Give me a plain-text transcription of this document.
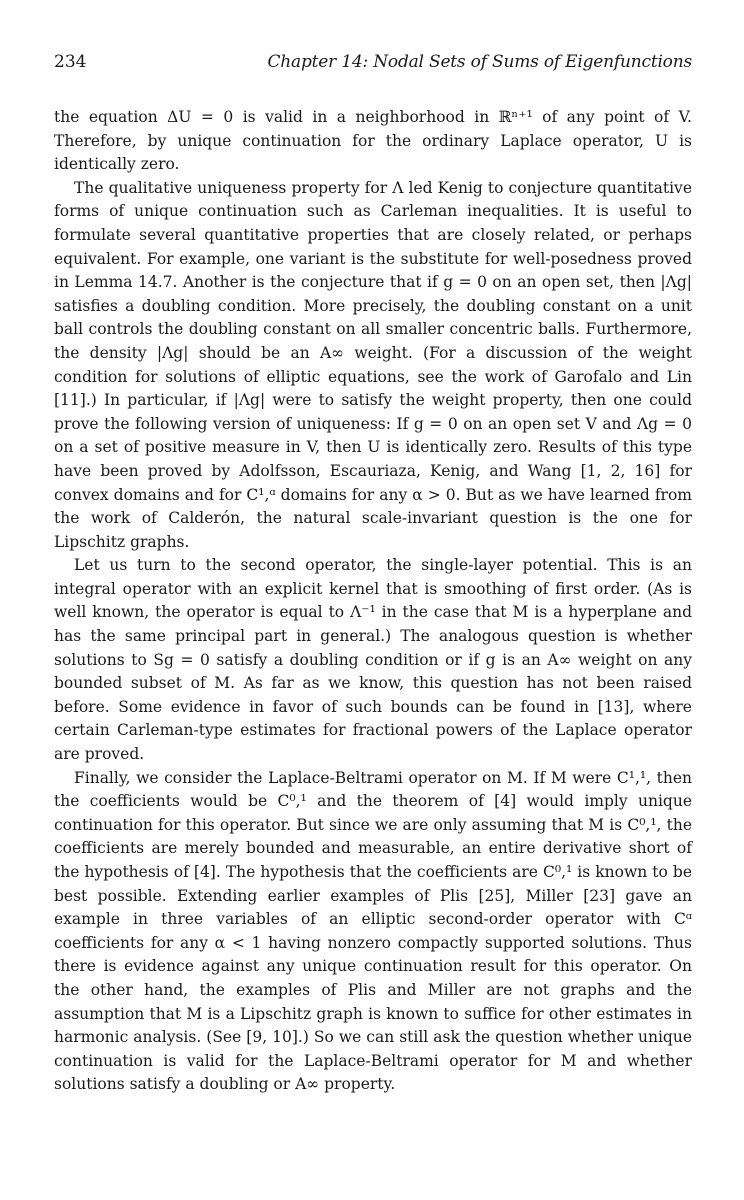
234	Chapter 14: Nodal Sets of Sums of Eigenfunctions

the equation ΔU = 0 is valid in a neighborhood in ℝⁿ⁺¹ of any point of V. Therefore, by unique continuation for the ordinary Laplace operator, U is identically zero.

The qualitative uniqueness property for Λ led Kenig to conjecture quantitative forms of unique continuation such as Carleman inequalities. It is useful to formulate several quantitative properties that are closely related, or perhaps equivalent. For example, one variant is the substitute for well-posedness proved in Lemma 14.7. Another is the conjecture that if g = 0 on an open set, then |Λg| satisfies a doubling condition. More precisely, the doubling constant on a unit ball controls the doubling constant on all smaller concentric balls. Furthermore, the density |Λg| should be an A∞ weight. (For a discussion of the weight condition for solutions of elliptic equations, see the work of Garofalo and Lin [11].) In particular, if |Λg| were to satisfy the weight property, then one could prove the following version of uniqueness: If g = 0 on an open set V and Λg = 0 on a set of positive measure in V, then U is identically zero. Results of this type have been proved by Adolfsson, Escauriaza, Kenig, and Wang [1, 2, 16] for convex domains and for C¹,ᵅ domains for any α > 0. But as we have learned from the work of Calderón, the natural scale-invariant question is the one for Lipschitz graphs.

Let us turn to the second operator, the single-layer potential. This is an integral operator with an explicit kernel that is smoothing of first order. (As is well known, the operator is equal to Λ⁻¹ in the case that M is a hyperplane and has the same principal part in general.) The analogous question is whether solutions to Sg = 0 satisfy a doubling condition or if g is an A∞ weight on any bounded subset of M. As far as we know, this question has not been raised before. Some evidence in favor of such bounds can be found in [13], where certain Carleman-type estimates for fractional powers of the Laplace operator are proved.

Finally, we consider the Laplace-Beltrami operator on M. If M were C¹,¹, then the coefficients would be C⁰,¹ and the theorem of [4] would imply unique continuation for this operator. But since we are only assuming that M is C⁰,¹, the coefficients are merely bounded and measurable, an entire derivative short of the hypothesis of [4]. The hypothesis that the coefficients are C⁰,¹ is known to be best possible. Extending earlier examples of Plis [25], Miller [23] gave an example in three variables of an elliptic second-order operator with Cᵅ coefficients for any α < 1 having nonzero compactly supported solutions. Thus there is evidence against any unique continuation result for this operator. On the other hand, the examples of Plis and Miller are not graphs and the assumption that M is a Lipschitz graph is known to suffice for other estimates in harmonic analysis. (See [9, 10].) So we can still ask the question whether unique continuation is valid for the Laplace-Beltrami operator for M and whether solutions satisfy a doubling or A∞ property.
